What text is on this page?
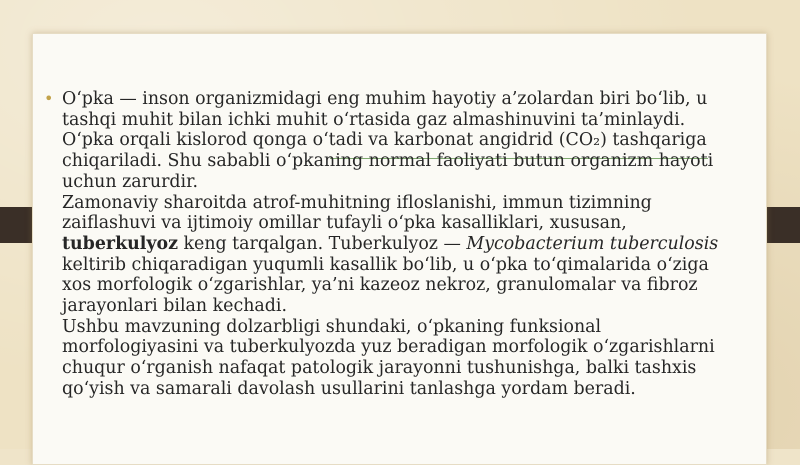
• O‘pka — inson organizmidagi eng muhim hayotiy a’zolardan biri bo‘lib, u tashqi muhit bilan ichki muhit o‘rtasida gaz almashinuvini ta’minlaydi. O‘pka orqali kislorod qonga o‘tadi va karbonat angidrid (CO₂) tashqariga chiqariladi. Shu sababli o‘pkaning normal faoliyati butun organizm hayoti uchun zarurdir.

Zamonaviy sharoitda atrof-muhitning ifloslanishi, immun tizimning zaiflashuvi va ijtimoiy omillar tufayli o‘pka kasalliklari, xususan, tuberkulyoz keng tarqalgan. Tuberkulyoz — Mycobacterium tuberculosis keltirib chiqaradigan yuqumli kasallik bo‘lib, u o‘pka to‘qimalarida o‘ziga xos morfologik o‘zgarishlar, ya’ni kazeoz nekroz, granulomalar va fibroz jarayonlari bilan kechadi.

Ushbu mavzuning dolzarbligi shundaki, o‘pkaning funksional morfologiyasini va tuberkulyozda yuz beradigan morfologik o‘zgarishlarni chuqur o‘rganish nafaqat patologik jarayonni tushunishga, balki tashxis qo‘yish va samarali davolash usullarini tanlashga yordam beradi.
